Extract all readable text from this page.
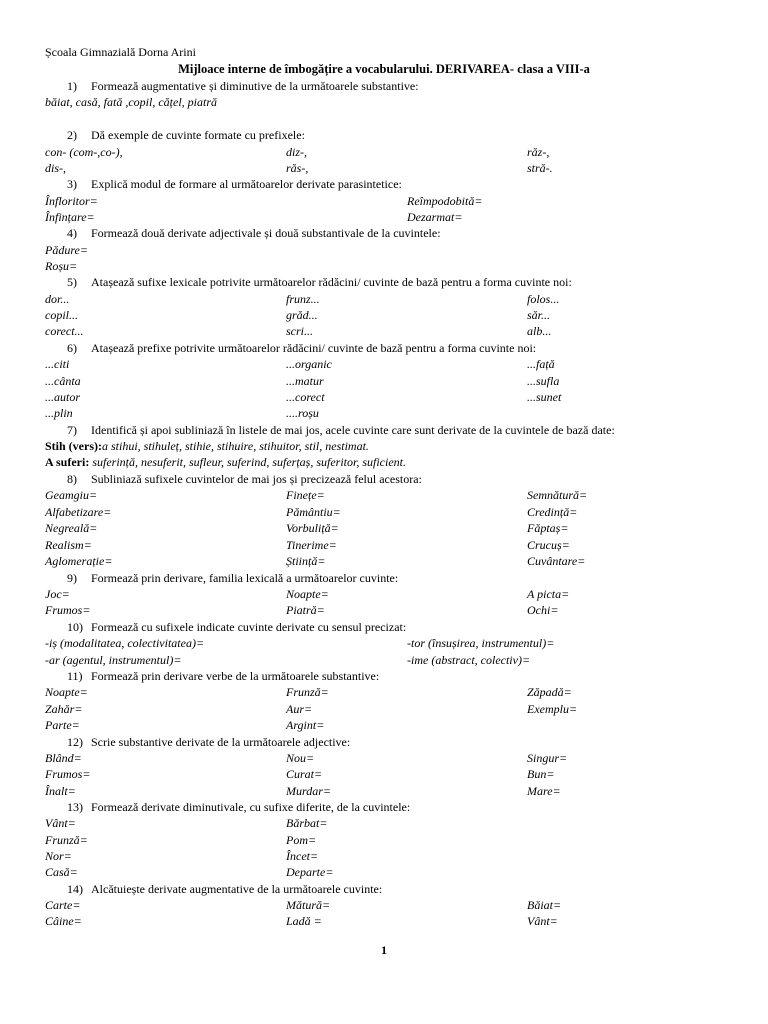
Școala Gimnazială Dorna Arini
Mijloace interne de îmbogățire a vocabularului. DERIVAREA- clasa a VIII-a
1) Formează augmentative și diminutive de la următoarele substantive:
băiat, casă, fată ,copil, cățel, piatră
2) Dă exemple de cuvinte formate cu prefixele:
con- (com-,co-),	diz-,	răz-,
dis-,	răs-,	stră-.
3) Explică modul de formare al următoarelor derivate parasintetice:
Înfloritor=	Reîmpodobită=
Înfințare=	Dezarmat=
4) Formează două derivate adjectivale și două substantivale de la cuvintele:
Pădure=
Roșu=
5) Atașează sufixe lexicale potrivite următoarelor rădăcini/ cuvinte de bază pentru a forma cuvinte noi:
dor...	frunz...	folos...
copil...	grăd...	săr...
corect...	scri...	alb...
6) Atașează prefixe potrivite următoarelor rădăcini/ cuvinte de bază pentru a forma cuvinte noi:
...citi	...organic	...față
...cânta	...matur	...sufla
...autor	...corect	...sunet
...plin	....roșu
7) Identifică și apoi subliniază în listele de mai jos, acele cuvinte care sunt derivate de la cuvintele de bază date:
Stih (vers):a stihui, stihuleț, stihie, stihuire, stihuitor, stil, nestimat.
A suferi: suferință, nesuferit, sufleur, suferind, suferțaș, suferitor, suficient.
8) Subliniază sufixele cuvintelor de mai jos și precizează felul acestora:
Geamgiu=	Finețe=	Semnătură=
Alfabetizare=	Pământiu=	Credință=
Negreală=	Vorbuliță=	Făptaș=
Realism=	Tinerime=	Crucuș=
Aglomerație=	Știință=	Cuvântare=
9) Formează prin derivare, familia lexicală a următoarelor cuvinte:
Joc=	Noapte=	A picta=
Frumos=	Piatră=	Ochi=
10) Formează cu sufixele indicate cuvinte derivate cu sensul precizat:
-iș (modalitatea, colectivitatea)=	-tor (însușirea, instrumentul)=
-ar (agentul, instrumentul)=	-ime (abstract, colectiv)=
11) Formează prin derivare verbe de la următoarele substantive:
Noapte=	Frunză=	Zăpadă=
Zahăr=	Aur=	Exemplu=
Parte=	Argint=
12) Scrie substantive derivate de la următoarele adjective:
Blând=	Nou=	Singur=
Frumos=	Curat=	Bun=
Înalt=	Murdar=	Mare=
13) Formează derivate diminutivale, cu sufixe diferite, de la cuvintele:
Vânt=	Bărbat=
Frunză=	Pom=
Nor=	Încet=
Casă=	Departe=
14) Alcătuiește derivate augmentative de la următoarele cuvinte:
Carte=	Mătură=	Băiat=
Câine=	Ladă =	Vânt=
1
